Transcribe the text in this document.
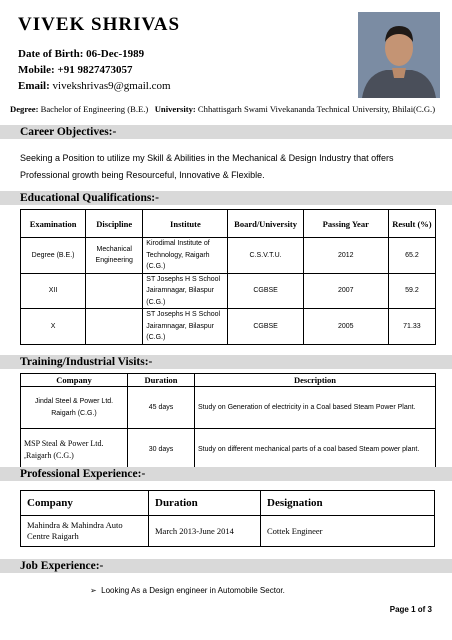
VIVEK SHRIVAS
Date of Birth: 06-Dec-1989
Mobile: +91 9827473057
Email: vivekshrivas9@gmail.com
Degree: Bachelor of Engineering (B.E.) University: Chhattisgarh Swami Vivekananda Technical University, Bhilai(C.G.)
Career Objectives:-
Seeking a Position to utilize my Skill & Abilities in the Mechanical & Design Industry that offers Professional growth being Resourceful, Innovative & Flexible.
Educational Qualifications:-
Examination	Discipline	Institute	Board/University	Passing Year	Result (%)
Degree (B.E.)	Mechanical Engineering	Kirodimal Institute of Technology, Raigarh (C.G.)	C.S.V.T.U.	2012	65.2
XII		ST Josephs H S School Jairamnagar, Bilaspur (C.G.)	CGBSE	2007	59.2
X		ST Josephs H S School Jairamnagar, Bilaspur (C.G.)	CGBSE	2005	71.33
Training/Industrial Visits:-
Company	Duration	Description
Jindal Steel & Power Ltd. Raigarh (C.G.)	45 days	Study on Generation of electricity in a Coal based Steam Power Plant.
MSP Steal & Power Ltd. ,Raigarh (C.G.)	30 days	Study on different mechanical parts of a coal based Steam power plant.
Professional Experience:-
Company	Duration	Designation
Mahindra & Mahindra Auto Centre Raigarh	March 2013-June 2014	Cottek Engineer
Job Experience:-
➢ Looking As a Design engineer in Automobile Sector.
Page 1 of 3
